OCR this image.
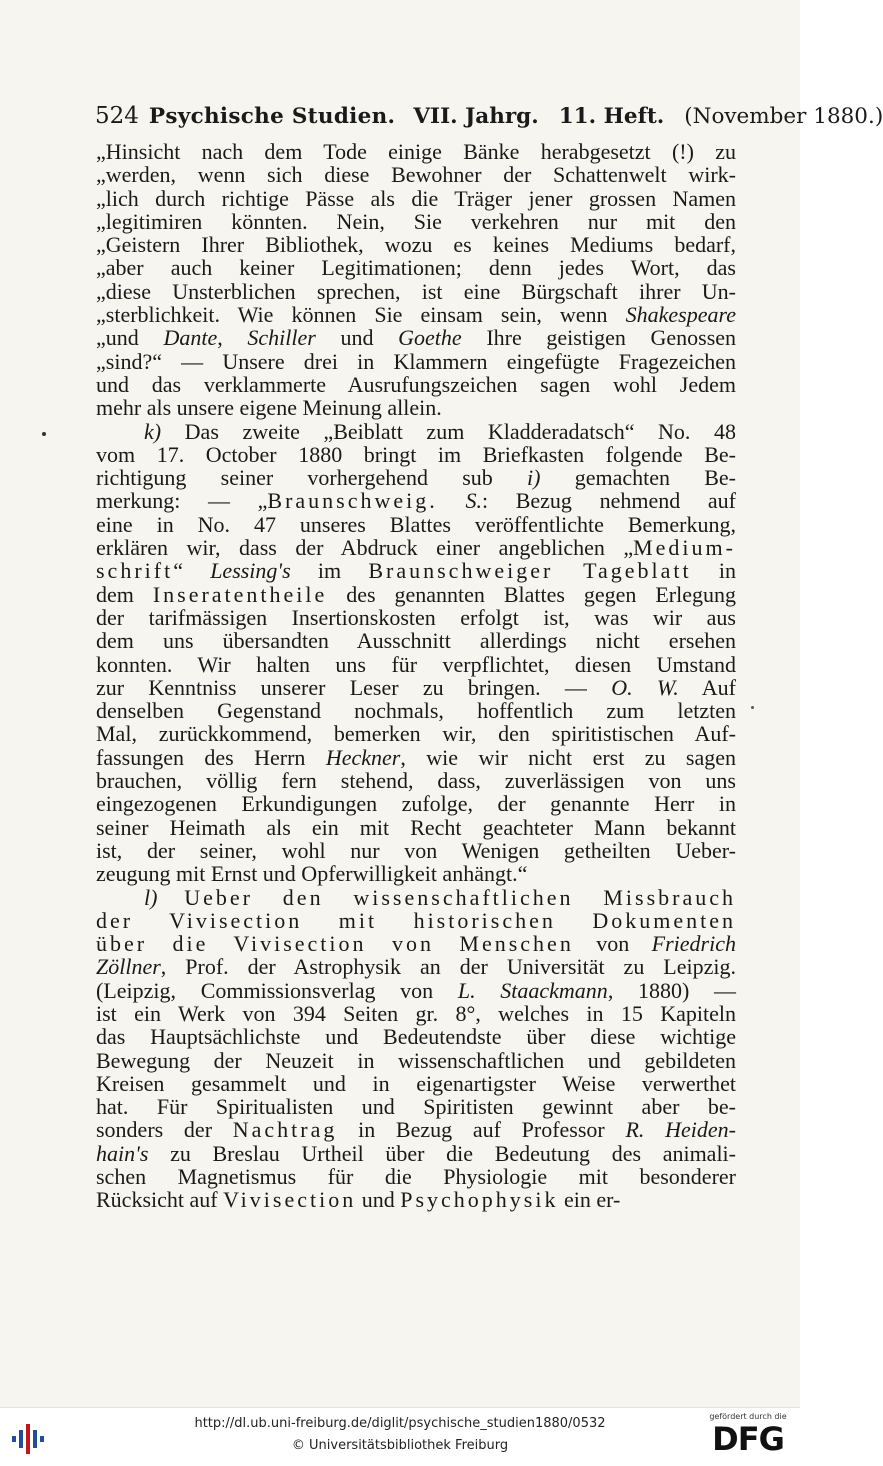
524 Psychische Studien. VII. Jahrg. 11. Heft. (November 1880.)
„Hinsicht nach dem Tode einige Bänke herabgesetzt (!) zu
„werden, wenn sich diese Bewohner der Schattenwelt wirk-
„lich durch richtige Pässe als die Träger jener grossen Namen
„legitimiren könnten. Nein, Sie verkehren nur mit den
„Geistern Ihrer Bibliothek, wozu es keines Mediums bedarf,
„aber auch keiner Legitimationen; denn jedes Wort, das
„diese Unsterblichen sprechen, ist eine Bürgschaft ihrer Un-
„sterblichkeit. Wie können Sie einsam sein, wenn Shakespeare
„und Dante, Schiller und Goethe Ihre geistigen Genossen
„sind?“ — Unsere drei in Klammern eingefügte Fragezeichen
und das verklammerte Ausrufungszeichen sagen wohl Jedem
mehr als unsere eigene Meinung allein.
k) Das zweite „Beiblatt zum Kladderadatsch“ No. 48
vom 17. October 1880 bringt im Briefkasten folgende Be-
richtigung seiner vorhergehend sub i) gemachten Be-
merkung: — „Braunschweig. S.: Bezug nehmend auf
eine in No. 47 unseres Blattes veröffentlichte Bemerkung,
erklären wir, dass der Abdruck einer angeblichen „Medium-
schrift“ Lessing's im Braunschweiger Tageblatt in
dem Inseratentheile des genannten Blattes gegen Erlegung
der tarifmässigen Insertionskosten erfolgt ist, was wir aus
dem uns übersandten Ausschnitt allerdings nicht ersehen
konnten. Wir halten uns für verpflichtet, diesen Umstand
zur Kenntniss unserer Leser zu bringen. — O. W. Auf
denselben Gegenstand nochmals, hoffentlich zum letzten
Mal, zurückkommend, bemerken wir, den spiritistischen Auf-
fassungen des Herrn Heckner, wie wir nicht erst zu sagen
brauchen, völlig fern stehend, dass, zuverlässigen von uns
eingezogenen Erkundigungen zufolge, der genannte Herr in
seiner Heimath als ein mit Recht geachteter Mann bekannt
ist, der seiner, wohl nur von Wenigen getheilten Ueber-
zeugung mit Ernst und Opferwilligkeit anhängt.“
l) Ueber den wissenschaftlichen Missbrauch
der Vivisection mit historischen Dokumenten
über die Vivisection von Menschen von Friedrich
Zöllner, Prof. der Astrophysik an der Universität zu Leipzig.
(Leipzig, Commissionsverlag von L. Staackmann, 1880) —
ist ein Werk von 394 Seiten gr. 8°, welches in 15 Kapiteln
das Hauptsächlichste und Bedeutendste über diese wichtige
Bewegung der Neuzeit in wissenschaftlichen und gebildeten
Kreisen gesammelt und in eigenartigster Weise verwerthet
hat. Für Spiritualisten und Spiritisten gewinnt aber be-
sonders der Nachtrag in Bezug auf Professor R. Heiden-
hain's zu Breslau Urtheil über die Bedeutung des animali-
schen Magnetismus für die Physiologie mit besonderer
Rücksicht auf Vivisection und Psychophysik ein er-
http://dl.ub.uni-freiburg.de/diglit/psychische_studien1880/0532
© Universitätsbibliothek Freiburg
gefördert durch die
DFG
